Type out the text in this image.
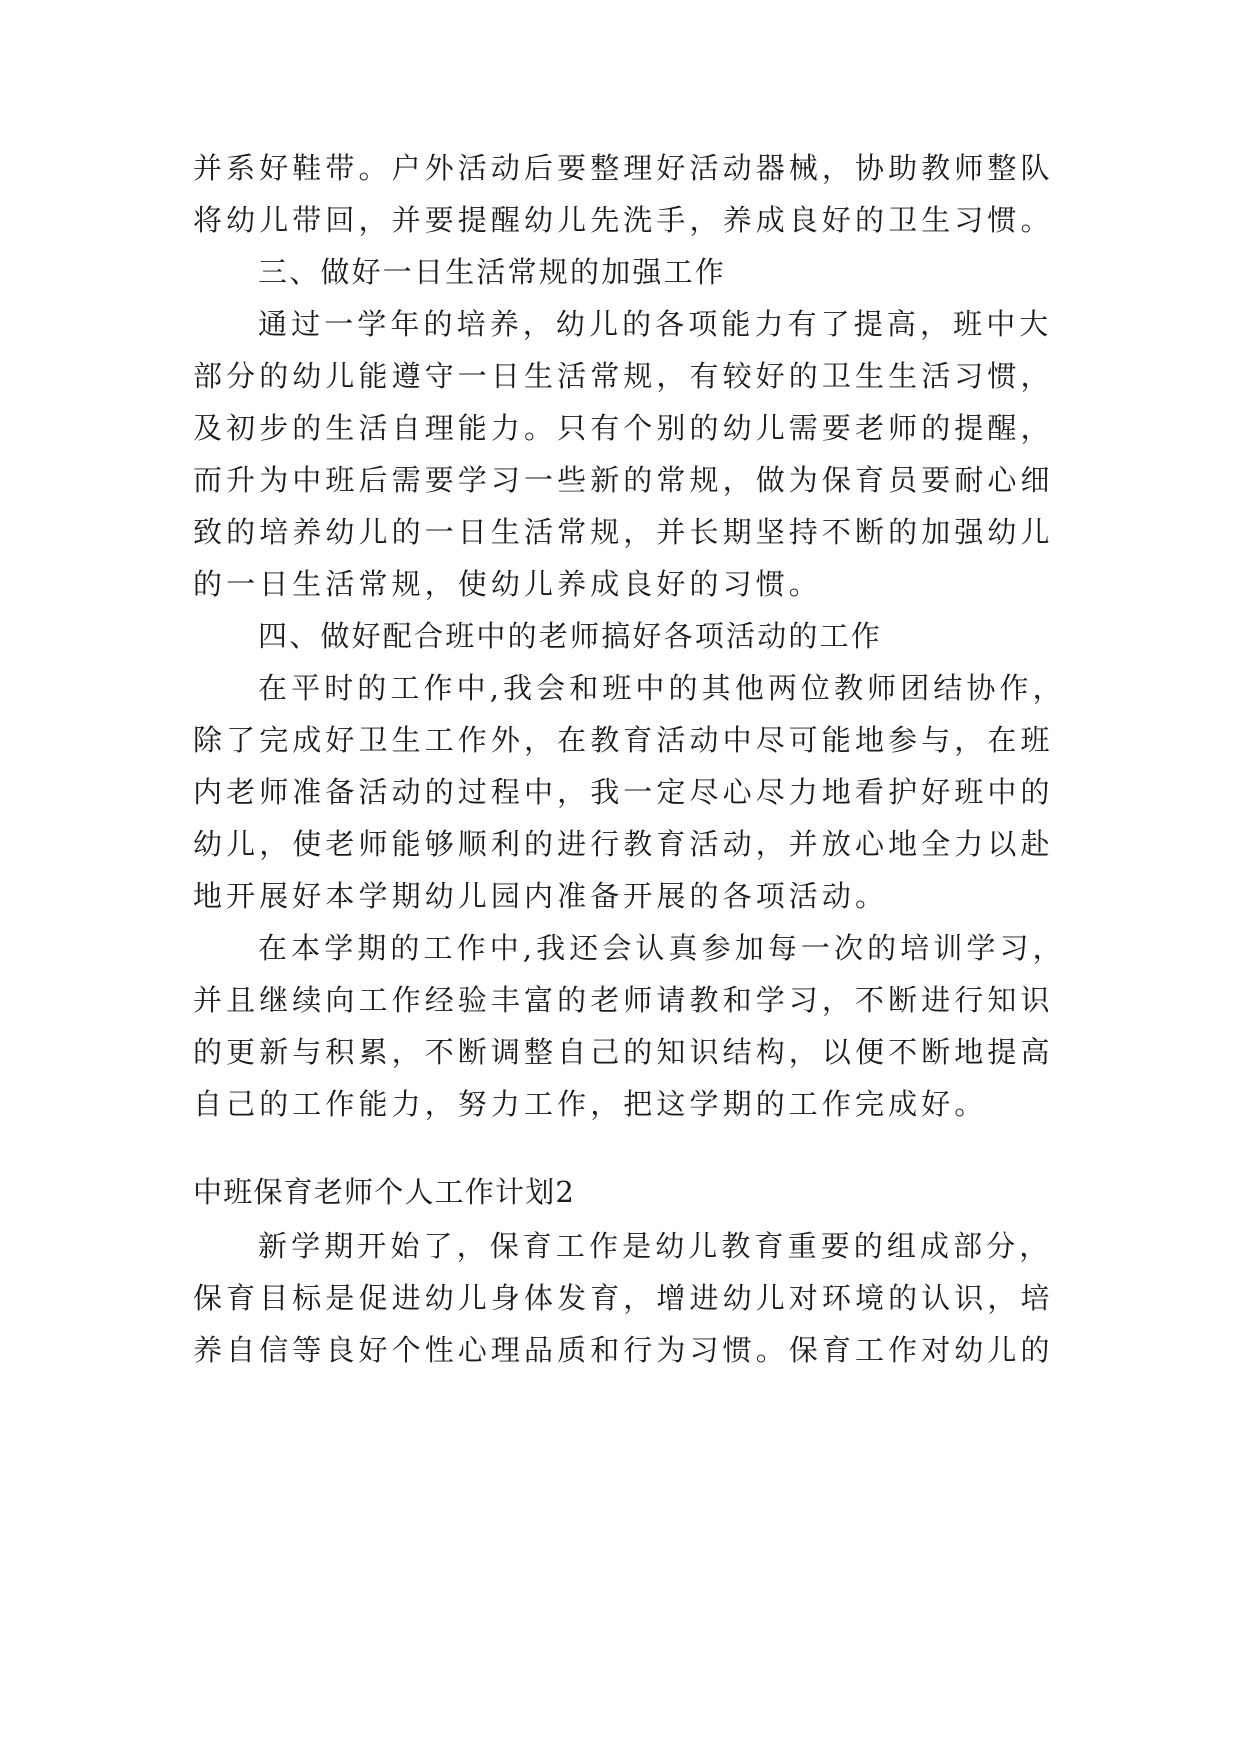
并系好鞋带。户外活动后要整理好活动器械，协助教师整队
将幼儿带回，并要提醒幼儿先洗手，养成良好的卫生习惯。
三、做好一日生活常规的加强工作
通过一学年的培养，幼儿的各项能力有了提高，班中大
部分的幼儿能遵守一日生活常规，有较好的卫生生活习惯，
及初步的生活自理能力。只有个别的幼儿需要老师的提醒，
而升为中班后需要学习一些新的常规，做为保育员要耐心细
致的培养幼儿的一日生活常规，并长期坚持不断的加强幼儿
的一日生活常规，使幼儿养成良好的习惯。
四、做好配合班中的老师搞好各项活动的工作
在平时的工作中,我会和班中的其他两位教师团结协作，
除了完成好卫生工作外，在教育活动中尽可能地参与，在班
内老师准备活动的过程中，我一定尽心尽力地看护好班中的
幼儿，使老师能够顺利的进行教育活动，并放心地全力以赴
地开展好本学期幼儿园内准备开展的各项活动。
在本学期的工作中,我还会认真参加每一次的培训学习，
并且继续向工作经验丰富的老师请教和学习，不断进行知识
的更新与积累，不断调整自己的知识结构，以便不断地提高
自己的工作能力，努力工作，把这学期的工作完成好。
中班保育老师个人工作计划2
新学期开始了，保育工作是幼儿教育重要的组成部分，
保育目标是促进幼儿身体发育，增进幼儿对环境的认识，培
养自信等良好个性心理品质和行为习惯。保育工作对幼儿的
